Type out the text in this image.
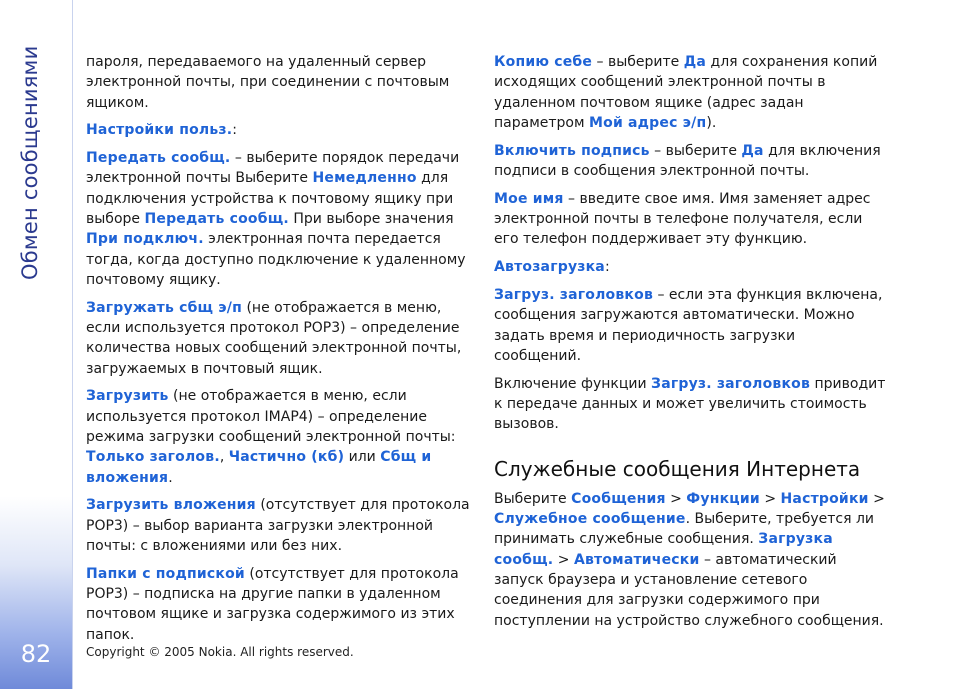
Обмен сообщениями
82

пароля, передаваемого на удаленный сервер электронной почты, при соединении с почтовым ящиком.

Настройки польз.:

Передать сообщ. – выберите порядок передачи электронной почты Выберите Немедленно для подключения устройства к почтовому ящику при выборе Передать сообщ. При выборе значения При подключ. электронная почта передается тогда, когда доступно подключение к удаленному почтовому ящику.

Загружать сбщ э/п (не отображается в меню, если используется протокол POP3) – определение количества новых сообщений электронной почты, загружаемых в почтовый ящик.

Загрузить (не отображается в меню, если используется протокол IMAP4) – определение режима загрузки сообщений электронной почты: Только заголов., Частично (кб) или Сбщ и вложения.

Загрузить вложения (отсутствует для протокола POP3) – выбор варианта загрузки электронной почты: с вложениями или без них.

Папки с подпиской (отсутствует для протокола POP3) – подписка на другие папки в удаленном почтовом ящике и загрузка содержимого из этих папок.

Копию себе – выберите Да для сохранения копий исходящих сообщений электронной почты в удаленном почтовом ящике (адрес задан параметром Мой адрес э/п).

Включить подпись – выберите Да для включения подписи в сообщения электронной почты.

Мое имя – введите свое имя. Имя заменяет адрес электронной почты в телефоне получателя, если его телефон поддерживает эту функцию.

Автозагрузка:

Загруз. заголовков – если эта функция включена, сообщения загружаются автоматически. Можно задать время и периодичность загрузки сообщений.

Включение функции Загруз. заголовков приводит к передаче данных и может увеличить стоимость вызовов.

Служебные сообщения Интернета

Выберите Сообщения > Функции > Настройки > Служебное сообщение. Выберите, требуется ли принимать служебные сообщения. Загрузка сообщ. > Автоматически – автоматический запуск браузера и установление сетевого соединения для загрузки содержимого при поступлении на устройство служебного сообщения.

Copyright © 2005 Nokia. All rights reserved.
